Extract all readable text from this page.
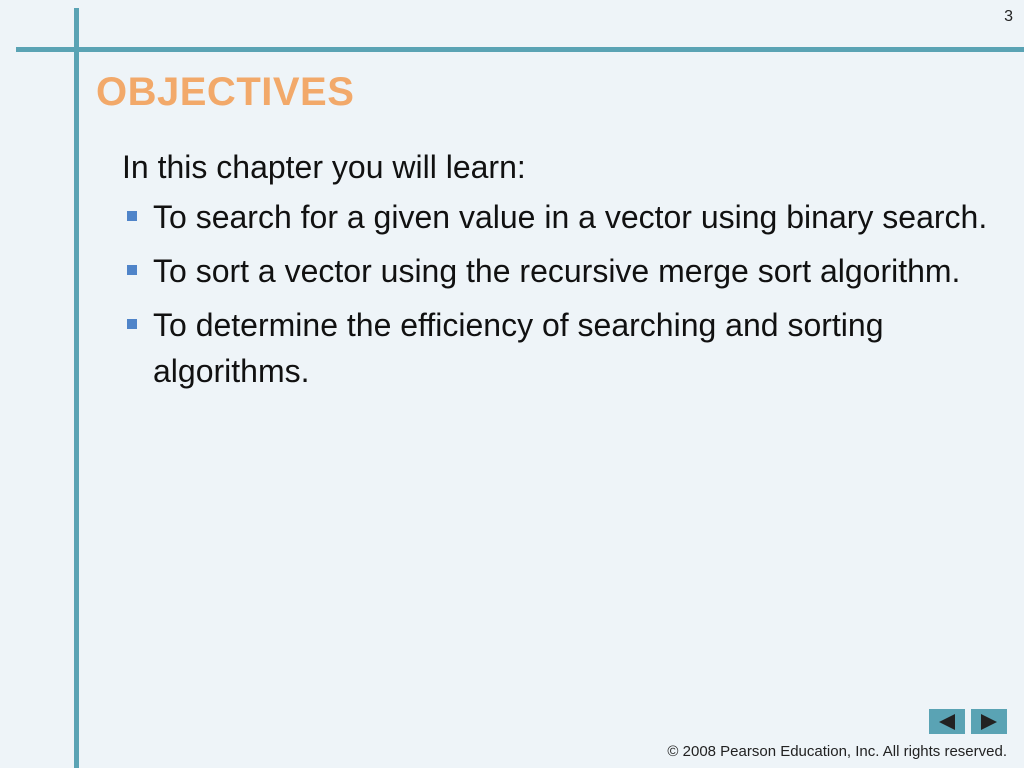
3
OBJECTIVES

In this chapter you will learn:

To search for a given value in a vector using binary search.
To sort a vector using the recursive merge sort algorithm.
To determine the efficiency of searching and sorting algorithms.
© 2008 Pearson Education, Inc. All rights reserved.
